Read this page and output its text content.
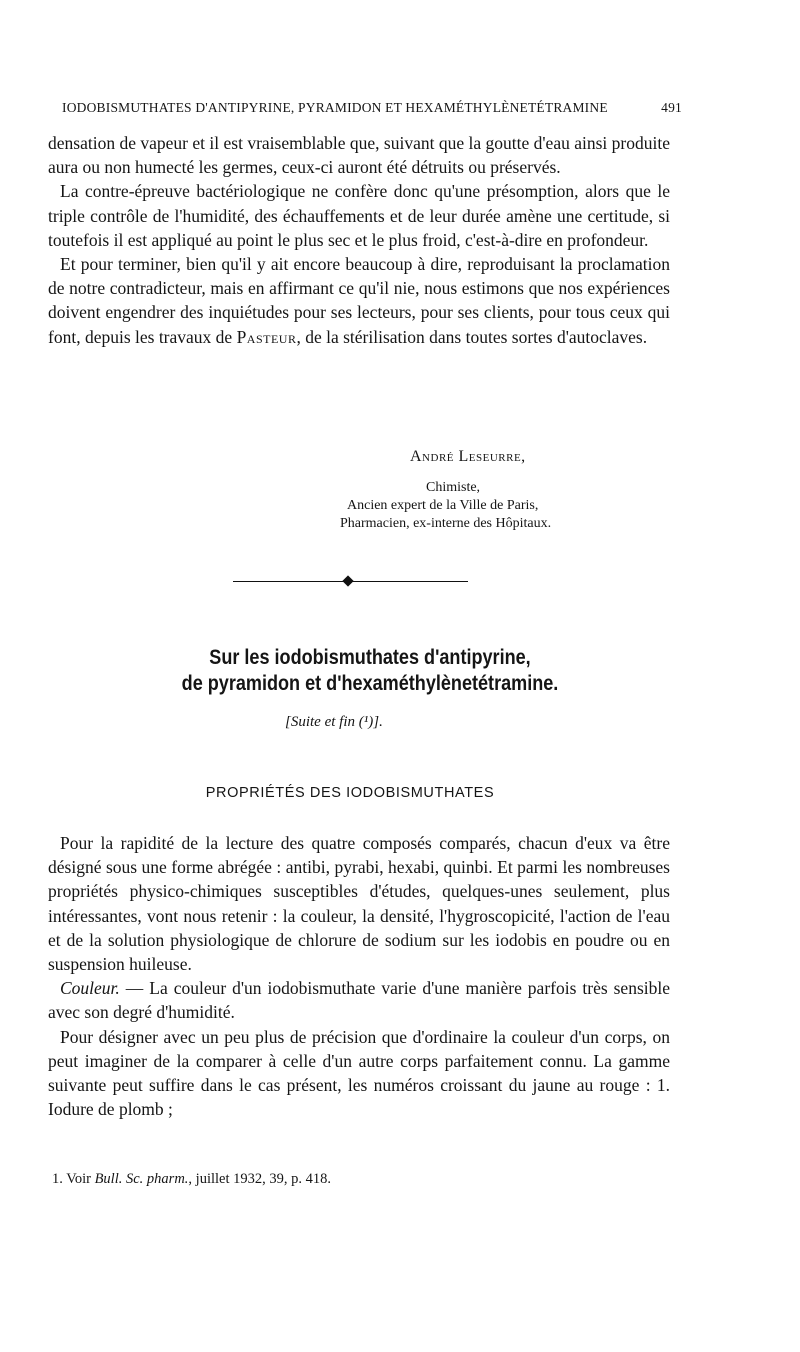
IODOBISMUTHATES D'ANTIPYRINE, PYRAMIDON ET HEXAMÉTHYLÈNETÉTRAMINE	491

densation de vapeur et il est vraisemblable que, suivant que la goutte d'eau ainsi produite aura ou non humecté les germes, ceux-ci auront été détruits ou préservés.

La contre-épreuve bactériologique ne confère donc qu'une présomption, alors que le triple contrôle de l'humidité, des échauffements et de leur durée amène une certitude, si toutefois il est appliqué au point le plus sec et le plus froid, c'est-à-dire en profondeur.

Et pour terminer, bien qu'il y ait encore beaucoup à dire, reproduisant la proclamation de notre contradicteur, mais en affirmant ce qu'il nie, nous estimons que nos expériences doivent engendrer des inquiétudes pour ses lecteurs, pour ses clients, pour tous ceux qui font, depuis les travaux de Pasteur, de la stérilisation dans toutes sortes d'autoclaves.

André Leseurre,
Chimiste,
Ancien expert de la Ville de Paris,
Pharmacien, ex-interne des Hôpitaux.
Sur les iodobismuthates d'antipyrine,
de pyramidon et d'hexaméthylènetétramine.
[Suite et fin (¹)].
PROPRIÉTÉS DES IODOBISMUTHATES

Pour la rapidité de la lecture des quatre composés comparés, chacun d'eux va être désigné sous une forme abrégée : antibi, pyrabi, hexabi, quinbi. Et parmi les nombreuses propriétés physico-chimiques susceptibles d'études, quelques-unes seulement, plus intéressantes, vont nous retenir : la couleur, la densité, l'hygroscopicité, l'action de l'eau et de la solution physiologique de chlorure de sodium sur les iodobis en poudre ou en suspension huileuse.

Couleur. — La couleur d'un iodobismuthate varie d'une manière parfois très sensible avec son degré d'humidité.

Pour désigner avec un peu plus de précision que d'ordinaire la couleur d'un corps, on peut imaginer de la comparer à celle d'un autre corps parfaitement connu. La gamme suivante peut suffire dans le cas présent, les numéros croissant du jaune au rouge : 1. Iodure de plomb ;

1. Voir Bull. Sc. pharm., juillet 1932, 39, p. 418.
